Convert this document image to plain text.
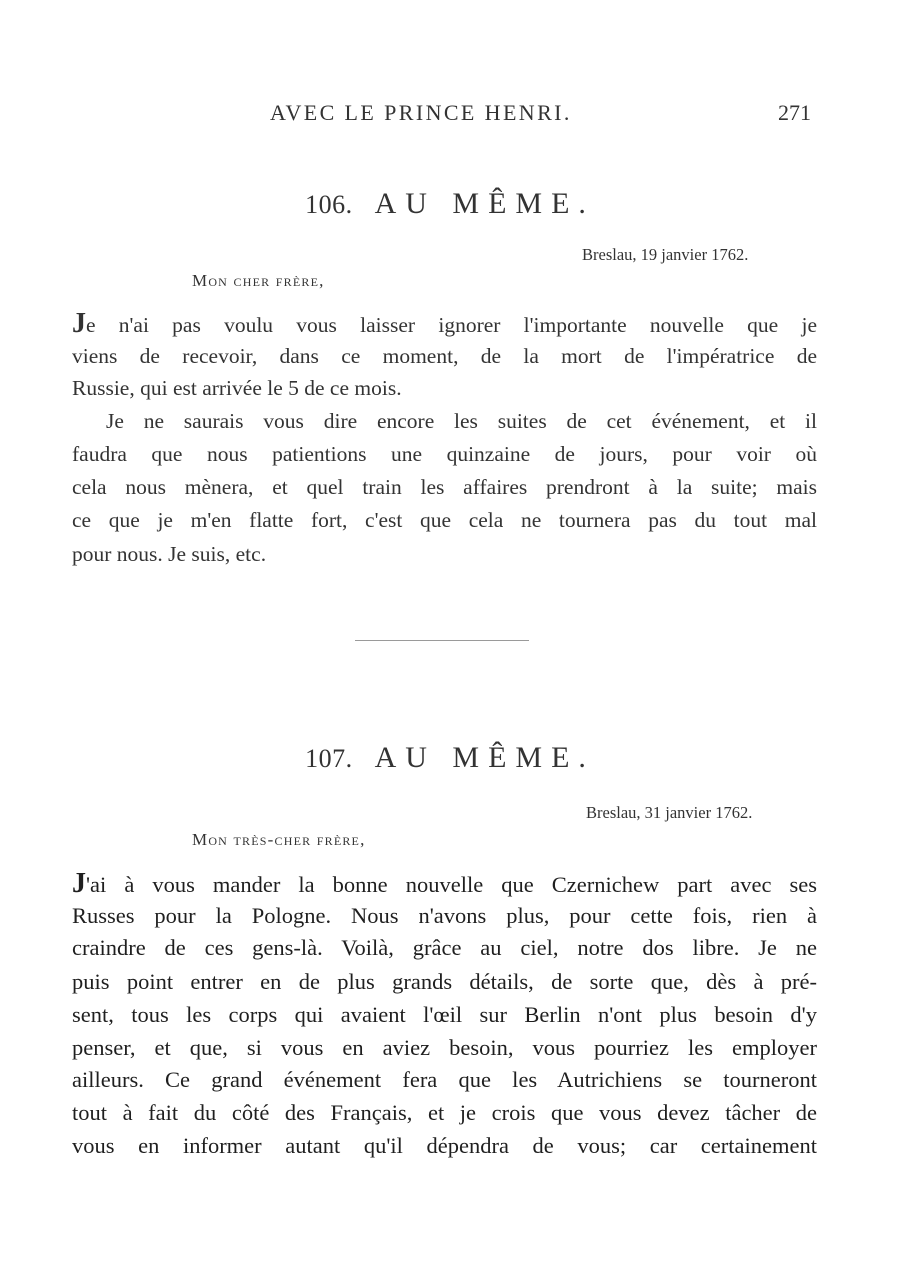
AVEC LE PRINCE HENRI.	271
106. AU MÊME.
Breslau, 19 janvier 1762.
Mon cher frère,
Je n'ai pas voulu vous laisser ignorer l'importante nouvelle que je
viens de recevoir, dans ce moment, de la mort de l'impératrice de
Russie, qui est arrivée le 5 de ce mois.
Je ne saurais vous dire encore les suites de cet événement, et il
faudra que nous patientions une quinzaine de jours, pour voir où
cela nous mènera, et quel train les affaires prendront à la suite; mais
ce que je m'en flatte fort, c'est que cela ne tournera pas du tout mal
pour nous. Je suis, etc.
107. AU MÊME.
Breslau, 31 janvier 1762.
Mon très-cher frère,
J'ai à vous mander la bonne nouvelle que Czernichew part avec ses
Russes pour la Pologne. Nous n'avons plus, pour cette fois, rien à
craindre de ces gens-là. Voilà, grâce au ciel, notre dos libre. Je ne
puis point entrer en de plus grands détails, de sorte que, dès à pré-
sent, tous les corps qui avaient l'œil sur Berlin n'ont plus besoin d'y
penser, et que, si vous en aviez besoin, vous pourriez les employer
ailleurs. Ce grand événement fera que les Autrichiens se tourneront
tout à fait du côté des Français, et je crois que vous devez tâcher de
vous en informer autant qu'il dépendra de vous; car certainement
